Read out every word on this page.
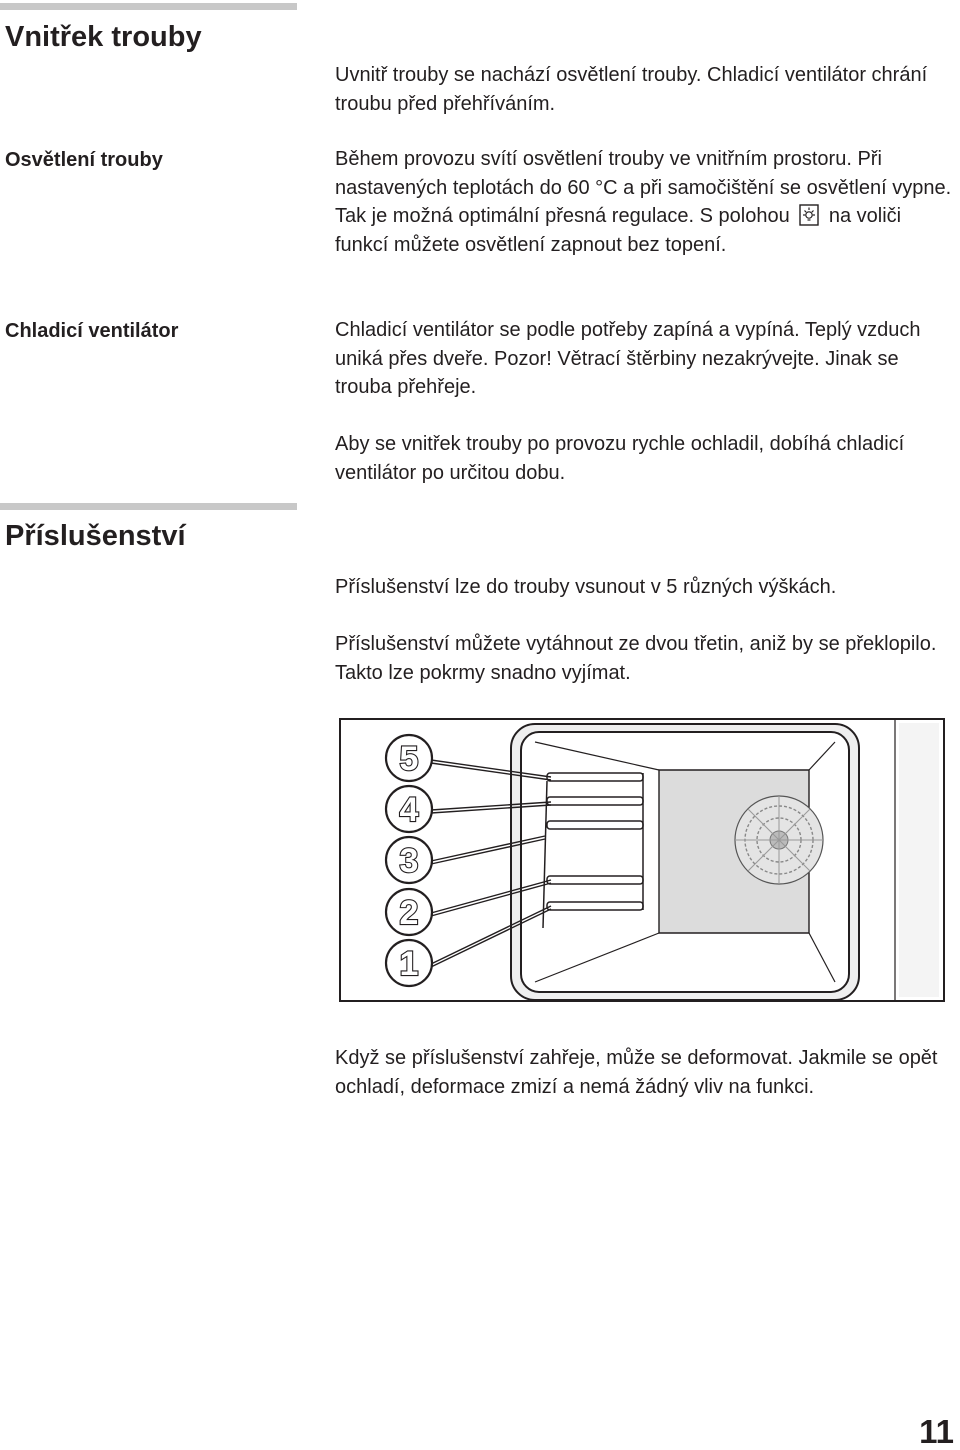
Vnitřek trouby

Uvnitř trouby se nachází osvětlení trouby. Chladicí ventilátor chrání troubu před přehříváním.

Osvětlení trouby	Během provozu svítí osvětlení trouby ve vnitřním prostoru. Při nastavených teplotách do 60 °C a při samočištění se osvětlení vypne. Tak je možná optimální přesná regulace. S polohou na voliči funkcí můžete osvětlení zapnout bez topení.

Chladicí ventilátor	Chladicí ventilátor se podle potřeby zapíná a vypíná. Teplý vzduch uniká přes dveře. Pozor! Větrací štěrbiny nezakrývejte. Jinak se trouba přehřeje.

Aby se vnitřek trouby po provozu rychle ochladil, dobíhá chladicí ventilátor po určitou dobu.

Příslušenství

Příslušenství lze do trouby vsunout v 5 různých výškách.

Příslušenství můžete vytáhnout ze dvou třetin, aniž by se překlopilo. Takto lze pokrmy snadno vyjímat.

5
4
3
2
1

Když se příslušenství zahřeje, může se deformovat. Jakmile se opět ochladí, deformace zmizí a nemá žádný vliv na funkci.

11
